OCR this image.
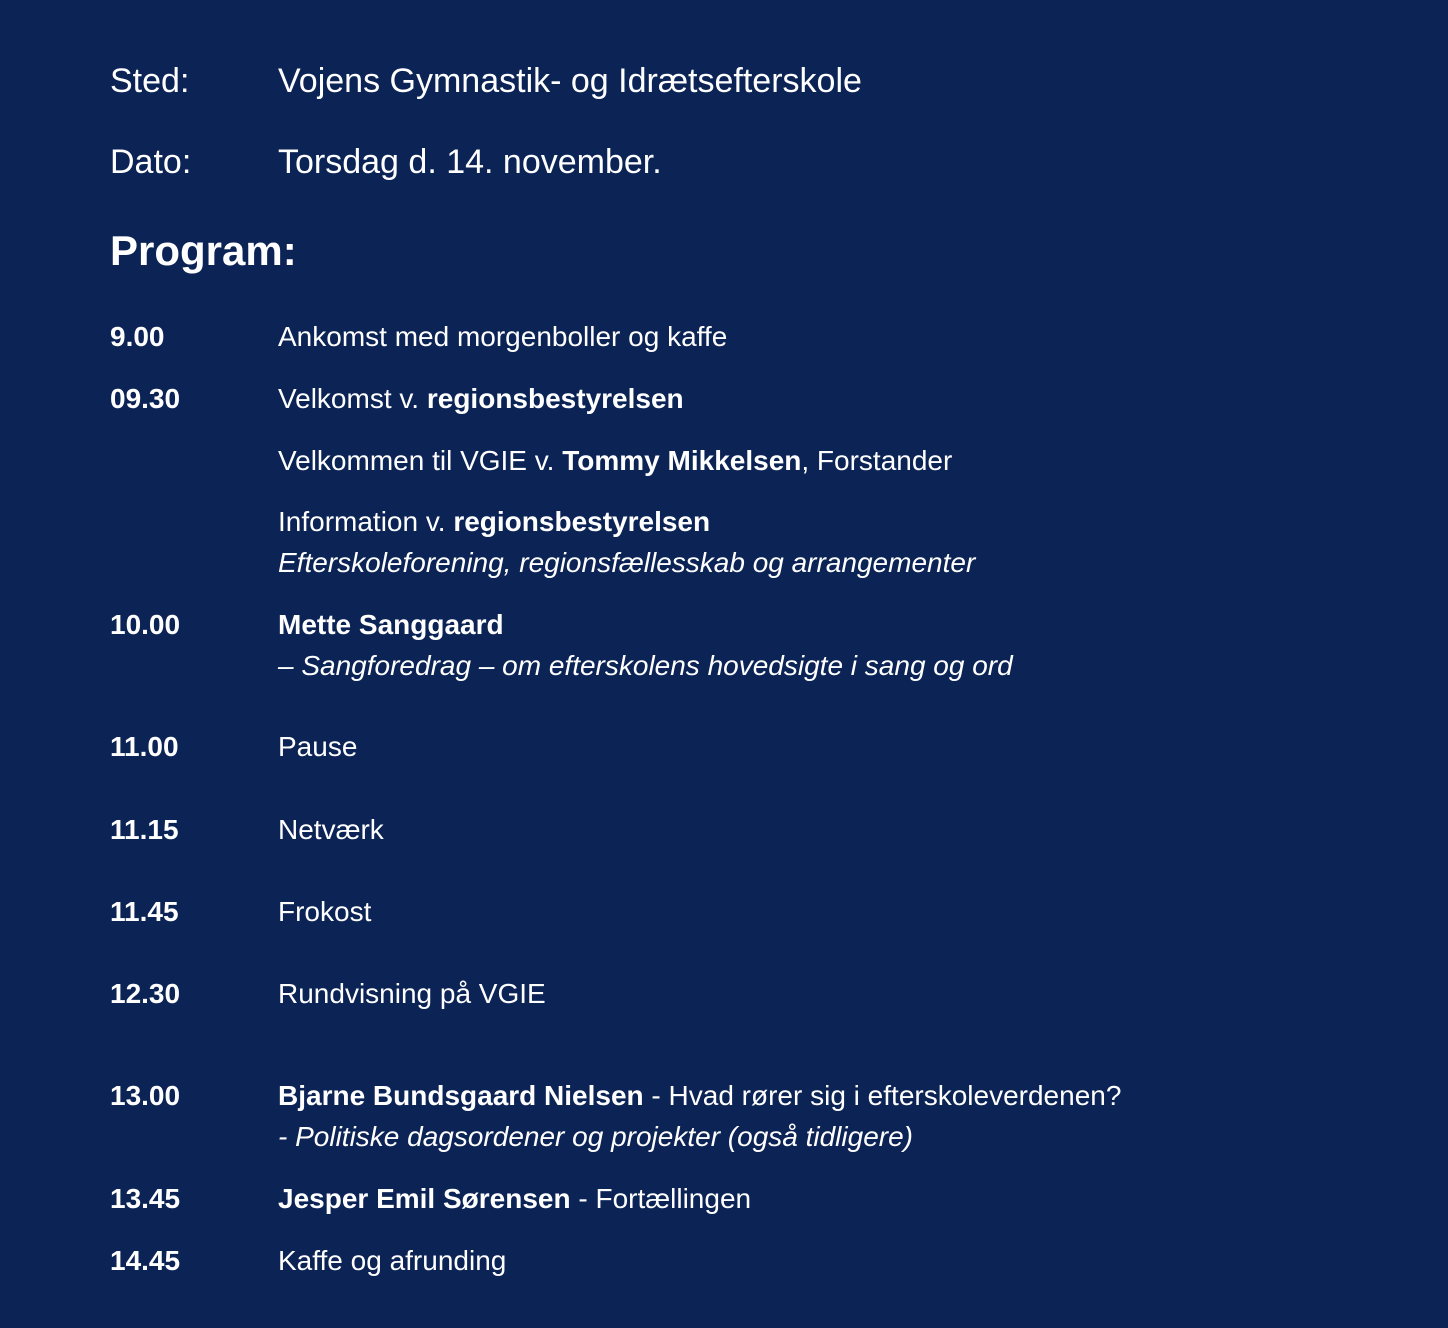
Sted:	Vojens Gymnastik- og Idrætsefterskole
Dato:	Torsdag d. 14. november.
Program:
9.00	Ankomst med morgenboller og kaffe
09.30	Velkomst v. regionsbestyrelsen
Velkommen til VGIE v. Tommy Mikkelsen, Forstander
Information v. regionsbestyrelsen
Efterskoleforening, regionsfællesskab og arrangementer
10.00	Mette Sanggaard
– Sangforedrag – om efterskolens hovedsigte i sang og ord
11.00	Pause
11.15	Netværk
11.45	Frokost
12.30	Rundvisning på VGIE
13.00	Bjarne Bundsgaard Nielsen - Hvad rører sig i efterskoleverdenen?
- Politiske dagsordener og projekter (også tidligere)
13.45	Jesper Emil Sørensen - Fortællingen
14.45	Kaffe og afrunding
